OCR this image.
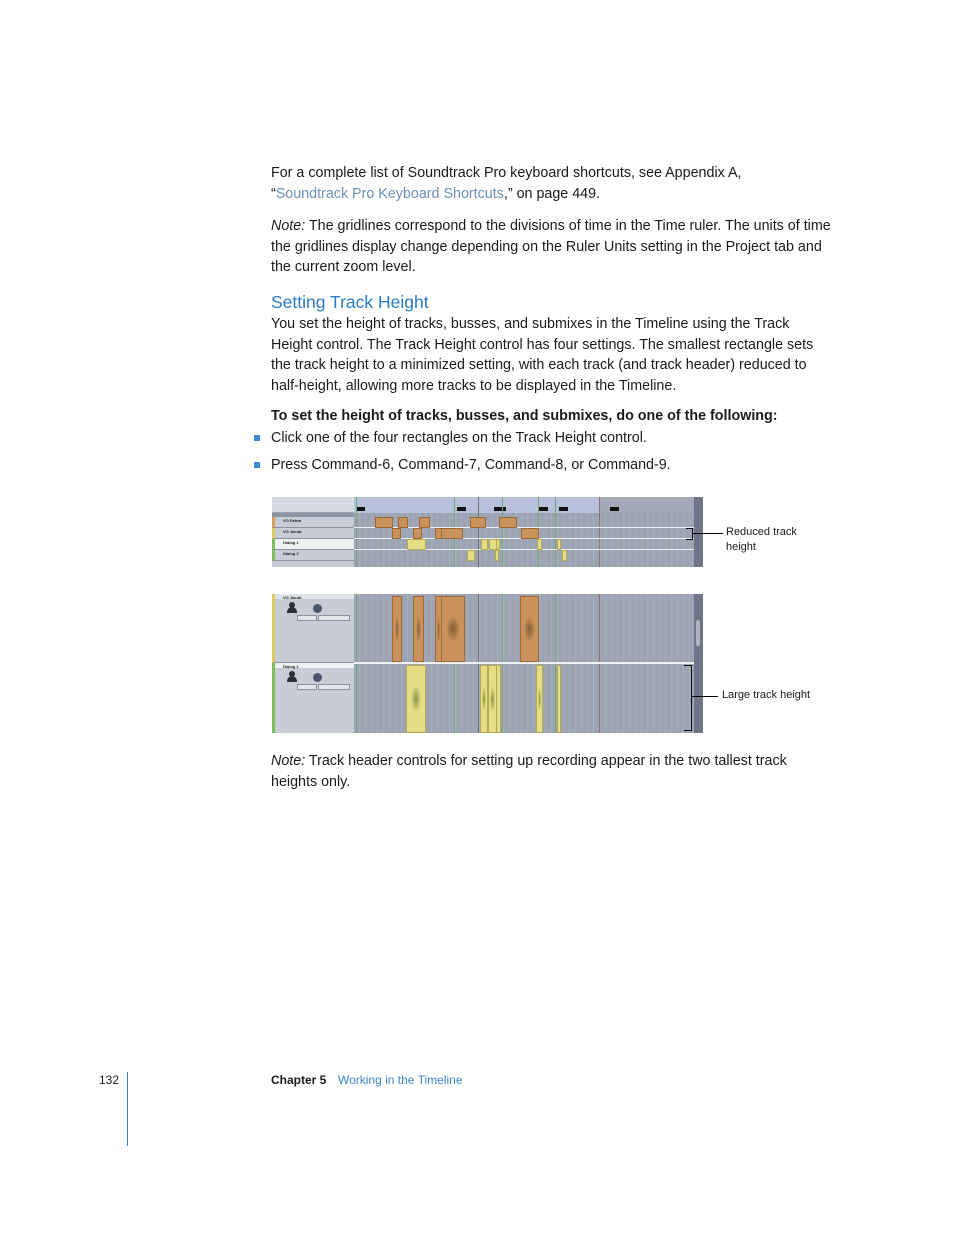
For a complete list of Soundtrack Pro keyboard shortcuts, see Appendix A,
“Soundtrack Pro Keyboard Shortcuts,” on page 449.

Note: The gridlines correspond to the divisions of time in the Time ruler. The units of time the gridlines display change depending on the Ruler Units setting in the Project tab and the current zoom level.

Setting Track Height

You set the height of tracks, busses, and submixes in the Timeline using the Track Height control. The Track Height control has four settings. The smallest rectangle sets the track height to a minimized setting, with each track (and track header) reduced to half-height, allowing more tracks to be displayed in the Timeline.

To set the height of tracks, busses, and submixes, do one of the following:

Click one of the four rectangles on the Track Height control.
Press Command-6, Command-7, Command-8, or Command-9.
VO Debra
VO Jacob
Dialog 1
Dialog 2
Reduced track
height
VO Jacob
Dialog 1
Large track height

Note: Track header controls for setting up recording appear in the two tallest track heights only.

132	Chapter 5 Working in the Timeline
